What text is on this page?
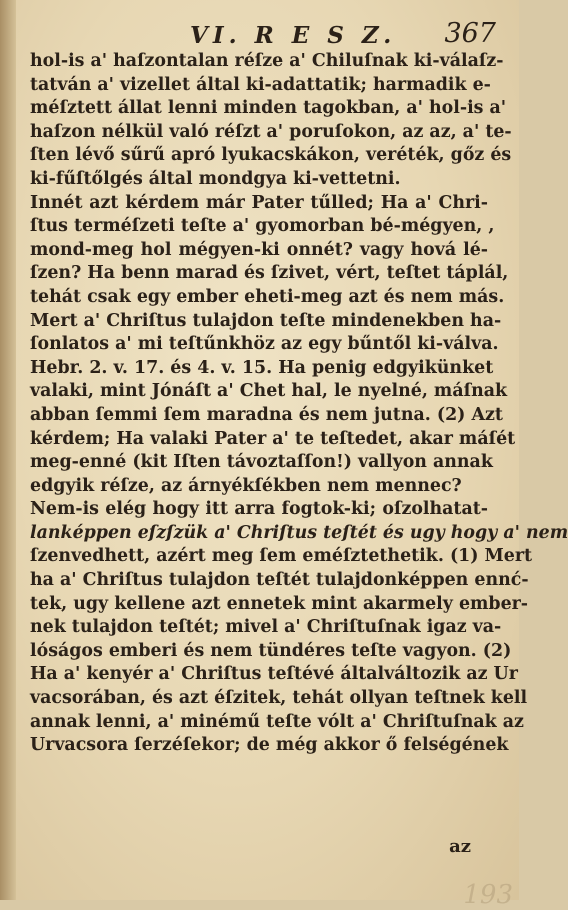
VI. R E S Z. 367
hol-is a' haſzontalan réſze a' Chiluſnak ki-válaſz-
tatván a' vizellet által ki-adattatik; harmadik e-
méſztett állat lenni minden tagokban, a' hol-is a'
haſzon nélkül való réſzt a' poruſokon, az az, a' te-
ſten lévő sűrű apró lyukacskákon, veréték, gőz és
ki-fűſtőlgés által mondgya ki-vettetni.
Innét azt kérdem már Pater tűlled; Ha a' Chri-
ſtus terméſzeti teſte a' gyomorban bé-mégyen, ,
mond-meg hol mégyen-ki onnét? vagy hová lé-
ſzen? Ha benn marad és ſzivet, vért, teſtet táplál,
tehát csak egy ember eheti-meg azt és nem más.
Mert a' Chriſtus tulajdon teſte mindenekben ha-
ſonlatos a' mi teſtűnkhöz az egy bűntől ki-válva.
Hebr. 2. v. 17. és 4. v. 15. Ha penig edgyikünket
valaki, mint Jónáſt a' Chet hal, le nyelné, máſnak
abban ſemmi ſem maradna és nem jutna. (2) Azt
kérdem; Ha valaki Pater a' te teſtedet, akar máſét
meg-enné (kit Iſten távoztaſſon!) vallyon annak
edgyik réſze, az árnyékſékben nem mennec?
Nem-is elég hogy itt arra fogtok-ki; oſzolhatat-
lanképpen eſzſzük a' Chriſtus teſtét és ugy hogy a' nem
ſzenvedhett, azért meg ſem eméſztethetik. (1) Mert
ha a' Chriſtus tulajdon teſtét tulajdonképpen ennć-
tek, ugy kellene azt ennetek mint akarmely ember-
nek tulajdon teſtét; mivel a' Chriſtuſnak igaz va-
lóságos emberi és nem tündéres teſte vagyon. (2)
Ha a' kenyér a' Chriſtus teſtévé általváltozik az Ur
vacsorában, és azt éſzitek, tehát ollyan teſtnek kell
annak lenni, a' minémű teſte vólt a' Chriſtuſnak az
Urvacsora ſerzéſekor; de még akkor ő felségének
az
193
